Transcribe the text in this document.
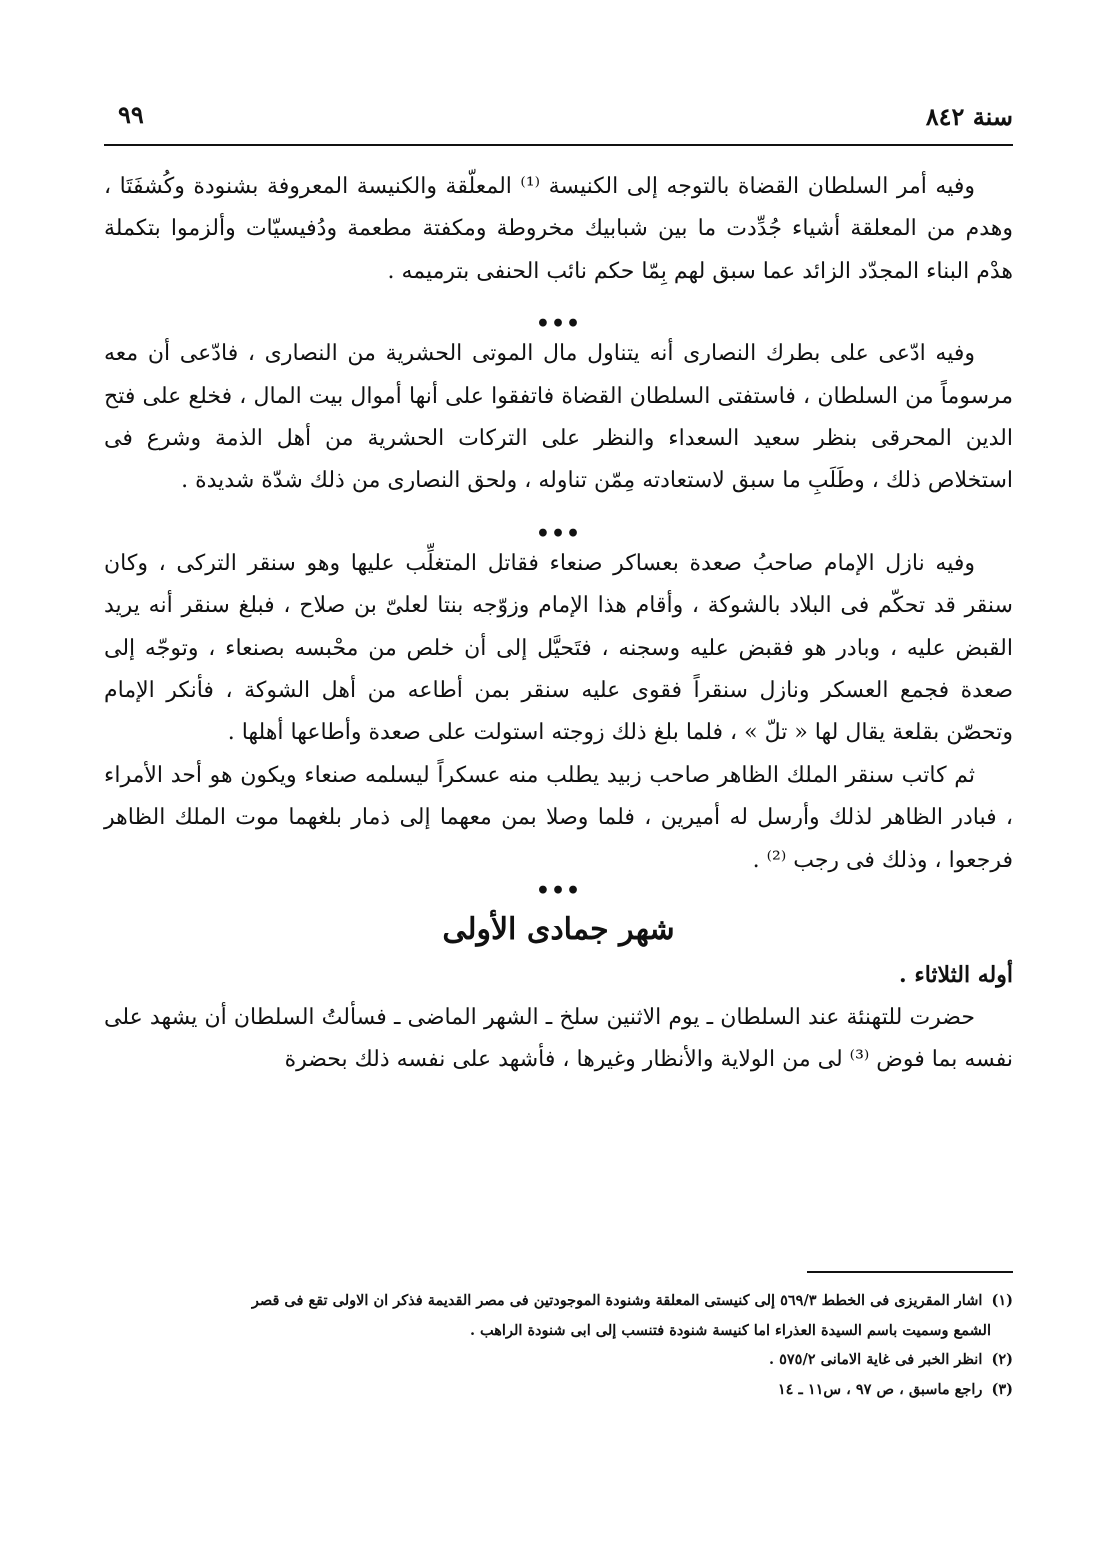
سنة ٨٤٢
٩٩

وفيه أمر السلطان القضاة بالتوجه إلى الكنيسة ⁽¹⁾ المعلّقة والكنيسة المعروفة بشنودة وكُشفَتَا ، وهدم من المعلقة أشياء جُدِّدت ما بين شبابيك مخروطة ومكفتة مطعمة ودُفيسيّات وألزموا بتكملة هدْم البناء المجدّد الزائد عما سبق لهم بِمّا حكم نائب الحنفى بترميمه .

•••

وفيه ادّعى على بطرك النصارى أنه يتناول مال الموتى الحشرية من النصارى ، فادّعى أن معه مرسوماً من السلطان ، فاستفتى السلطان القضاة فاتفقوا على أنها أموال بيت المال ، فخلع على فتح الدين المحرقى بنظر سعيد السعداء والنظر على التركات الحشرية من أهل الذمة وشرع فى استخلاص ذلك ، وطَلَبِ ما سبق لاستعادته مِمّن تناوله ، ولحق النصارى من ذلك شدّة شديدة .

•••

وفيه نازل الإمام صاحبُ صعدة بعساكر صنعاء فقاتل المتغلِّب عليها وهو سنقر التركى ، وكان سنقر قد تحكّم فى البلاد بالشوكة ، وأقام هذا الإمام وزوّجه بنتا لعلىّ بن صلاح ، فبلغ سنقر أنه يريد القبض عليه ، وبادر هو فقبض عليه وسجنه ، فتَحيَّل إلى أن خلص من محْبسه بصنعاء ، وتوجّه إلى صعدة فجمع العسكر ونازل سنقراً فقوى عليه سنقر بمن أطاعه من أهل الشوكة ، فأنكر الإمام وتحصّن بقلعة يقال لها « تلّ » ، فلما بلغ ذلك زوجته استولت على صعدة وأطاعها أهلها .

ثم كاتب سنقر الملك الظاهر صاحب زبيد يطلب منه عسكراً ليسلمه صنعاء ويكون هو أحد الأمراء ، فبادر الظاهر لذلك وأرسل له أميرين ، فلما وصلا بمن معهما إلى ذمار بلغهما موت الملك الظاهر فرجعوا ، وذلك فى رجب ⁽²⁾ .

•••
شهر جمادى الأولى

أوله الثلاثاء .

حضرت للتهنئة عند السلطان ـ يوم الاثنين سلخ ـ الشهر الماضى ـ فسألتُ السلطان أن يشهد على نفسه بما فوض ⁽³⁾ لى من الولاية والأنظار وغيرها ، فأشهد على نفسه ذلك بحضرة

(١) اشار المقريزى فى الخطط ٥٦٩/٣ إلى كنيستى المعلقة وشنودة الموجودتين فى مصر القديمة فذكر ان الاولى تقع فى قصر

الشمع وسميت باسم السيدة العذراء اما كنيسة شنودة فتنسب إلى ابى شنودة الراهب .

(٢) انظر الخبر فى غاية الامانى ٥٧٥/٢ .

(٣) راجع ماسبق ، ص ٩٧ ، س١١ ـ ١٤
